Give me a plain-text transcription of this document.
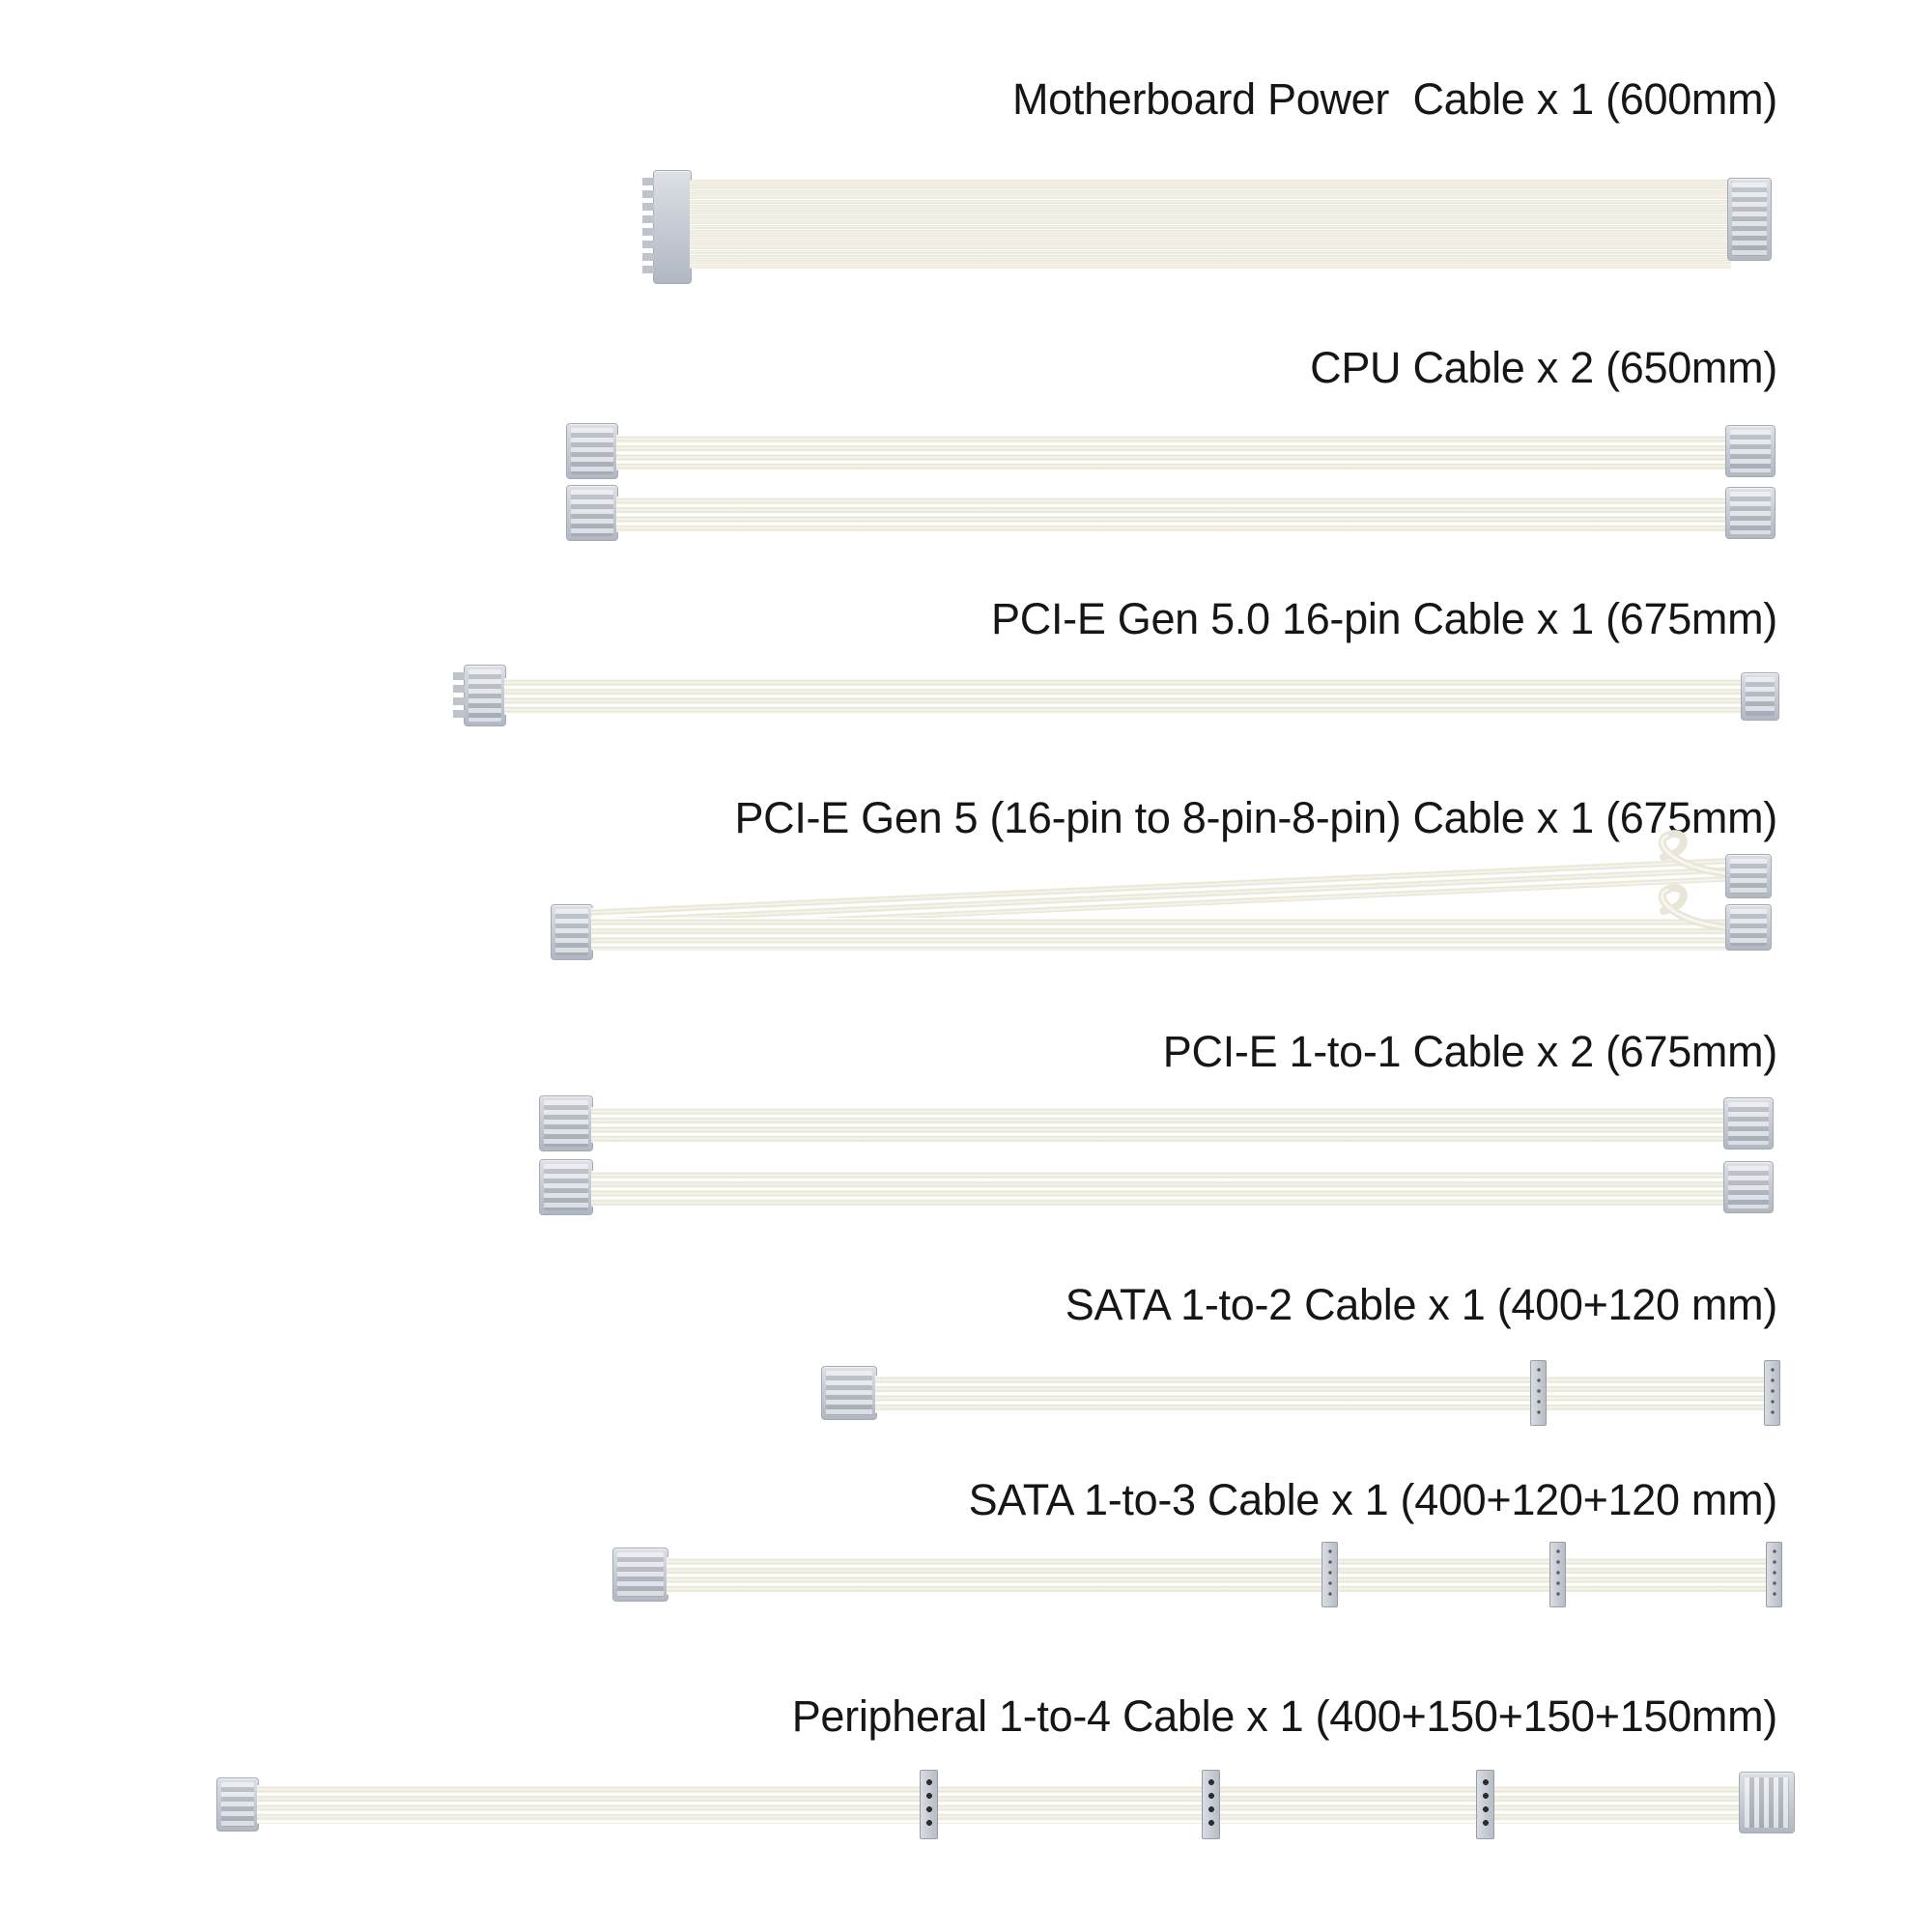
Motherboard Power  Cable x 1 (600mm)
CPU Cable x 2 (650mm)
PCI-E Gen 5.0 16-pin Cable x 1 (675mm)
PCI-E Gen 5 (16-pin to 8-pin-8-pin) Cable x 1 (675mm)
PCI-E 1-to-1 Cable x 2 (675mm)
SATA 1-to-2 Cable x 1 (400+120 mm)
SATA 1-to-3 Cable x 1 (400+120+120 mm)
Peripheral 1-to-4 Cable x 1 (400+150+150+150mm)
